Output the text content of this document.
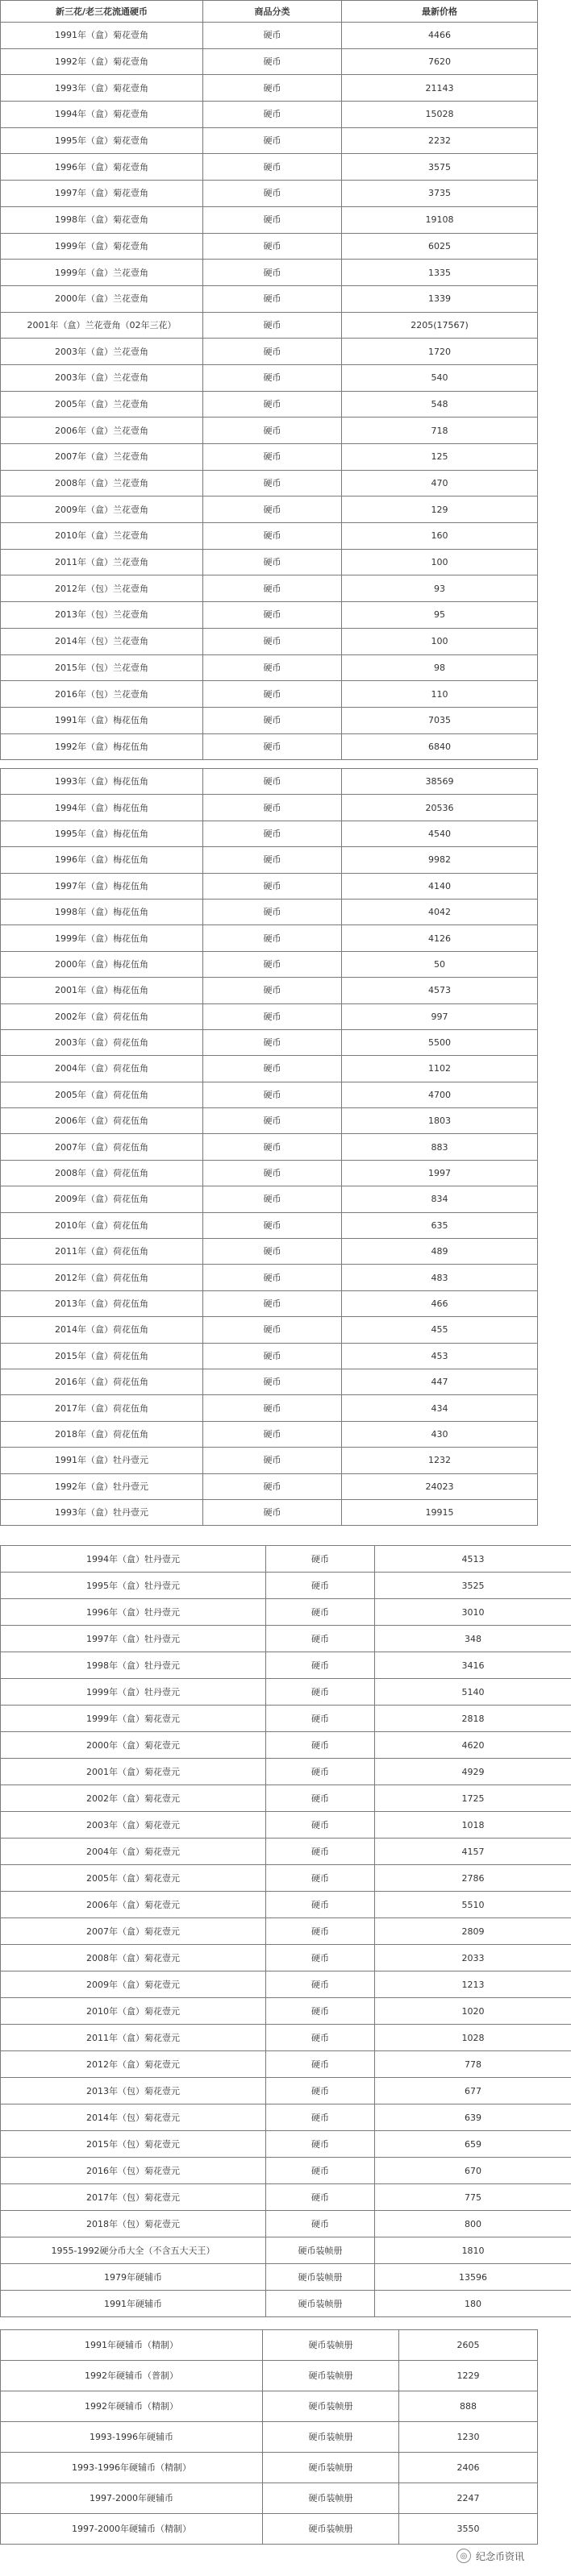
新三花/老三花流通硬币	商品分类	最新价格
1991年（盒）菊花壹角	硬币	4466
1992年（盒）菊花壹角	硬币	7620
1993年（盒）菊花壹角	硬币	21143
1994年（盒）菊花壹角	硬币	15028
1995年（盒）菊花壹角	硬币	2232
1996年（盒）菊花壹角	硬币	3575
1997年（盒）菊花壹角	硬币	3735
1998年（盒）菊花壹角	硬币	19108
1999年（盒）菊花壹角	硬币	6025
1999年（盒）兰花壹角	硬币	1335
2000年（盒）兰花壹角	硬币	1339
2001年（盒）兰花壹角（02年三花）	硬币	2205(17567)
2003年（盒）兰花壹角	硬币	1720
2003年（盒）兰花壹角	硬币	540
2005年（盒）兰花壹角	硬币	548
2006年（盒）兰花壹角	硬币	718
2007年（盒）兰花壹角	硬币	125
2008年（盒）兰花壹角	硬币	470
2009年（盒）兰花壹角	硬币	129
2010年（盒）兰花壹角	硬币	160
2011年（盒）兰花壹角	硬币	100
2012年（包）兰花壹角	硬币	93
2013年（包）兰花壹角	硬币	95
2014年（包）兰花壹角	硬币	100
2015年（包）兰花壹角	硬币	98
2016年（包）兰花壹角	硬币	110
1991年（盒）梅花伍角	硬币	7035
1992年（盒）梅花伍角	硬币	6840
1993年（盒）梅花伍角	硬币	38569
1994年（盒）梅花伍角	硬币	20536
1995年（盒）梅花伍角	硬币	4540
1996年（盒）梅花伍角	硬币	9982
1997年（盒）梅花伍角	硬币	4140
1998年（盒）梅花伍角	硬币	4042
1999年（盒）梅花伍角	硬币	4126
2000年（盒）梅花伍角	硬币	50
2001年（盒）梅花伍角	硬币	4573
2002年（盒）荷花伍角	硬币	997
2003年（盒）荷花伍角	硬币	5500
2004年（盒）荷花伍角	硬币	1102
2005年（盒）荷花伍角	硬币	4700
2006年（盒）荷花伍角	硬币	1803
2007年（盒）荷花伍角	硬币	883
2008年（盒）荷花伍角	硬币	1997
2009年（盒）荷花伍角	硬币	834
2010年（盒）荷花伍角	硬币	635
2011年（盒）荷花伍角	硬币	489
2012年（盒）荷花伍角	硬币	483
2013年（盒）荷花伍角	硬币	466
2014年（盒）荷花伍角	硬币	455
2015年（盒）荷花伍角	硬币	453
2016年（盒）荷花伍角	硬币	447
2017年（盒）荷花伍角	硬币	434
2018年（盒）荷花伍角	硬币	430
1991年（盒）牡丹壹元	硬币	1232
1992年（盒）牡丹壹元	硬币	24023
1993年（盒）牡丹壹元	硬币	19915
1994年（盒）牡丹壹元	硬币	4513
1995年（盒）牡丹壹元	硬币	3525
1996年（盒）牡丹壹元	硬币	3010
1997年（盒）牡丹壹元	硬币	348
1998年（盒）牡丹壹元	硬币	3416
1999年（盒）牡丹壹元	硬币	5140
1999年（盒）菊花壹元	硬币	2818
2000年（盒）菊花壹元	硬币	4620
2001年（盒）菊花壹元	硬币	4929
2002年（盒）菊花壹元	硬币	1725
2003年（盒）菊花壹元	硬币	1018
2004年（盒）菊花壹元	硬币	4157
2005年（盒）菊花壹元	硬币	2786
2006年（盒）菊花壹元	硬币	5510
2007年（盒）菊花壹元	硬币	2809
2008年（盒）菊花壹元	硬币	2033
2009年（盒）菊花壹元	硬币	1213
2010年（盒）菊花壹元	硬币	1020
2011年（盒）菊花壹元	硬币	1028
2012年（盒）菊花壹元	硬币	778
2013年（包）菊花壹元	硬币	677
2014年（包）菊花壹元	硬币	639
2015年（包）菊花壹元	硬币	659
2016年（包）菊花壹元	硬币	670
2017年（包）菊花壹元	硬币	775
2018年（包）菊花壹元	硬币	800
1955-1992硬分币大全（不含五大天王）	硬币装帧册	1810
1979年硬辅币	硬币装帧册	13596
1991年硬辅币	硬币装帧册	180
1991年硬辅币（精制）	硬币装帧册	2605
1992年硬辅币（普制）	硬币装帧册	1229
1992年硬辅币（精制）	硬币装帧册	888
1993-1996年硬辅币	硬币装帧册	1230
1993-1996年硬辅币（精制）	硬币装帧册	2406
1997-2000年硬辅币	硬币装帧册	2247
1997-2000年硬辅币（精制）	硬币装帧册	3550
◎ 纪念币资讯
